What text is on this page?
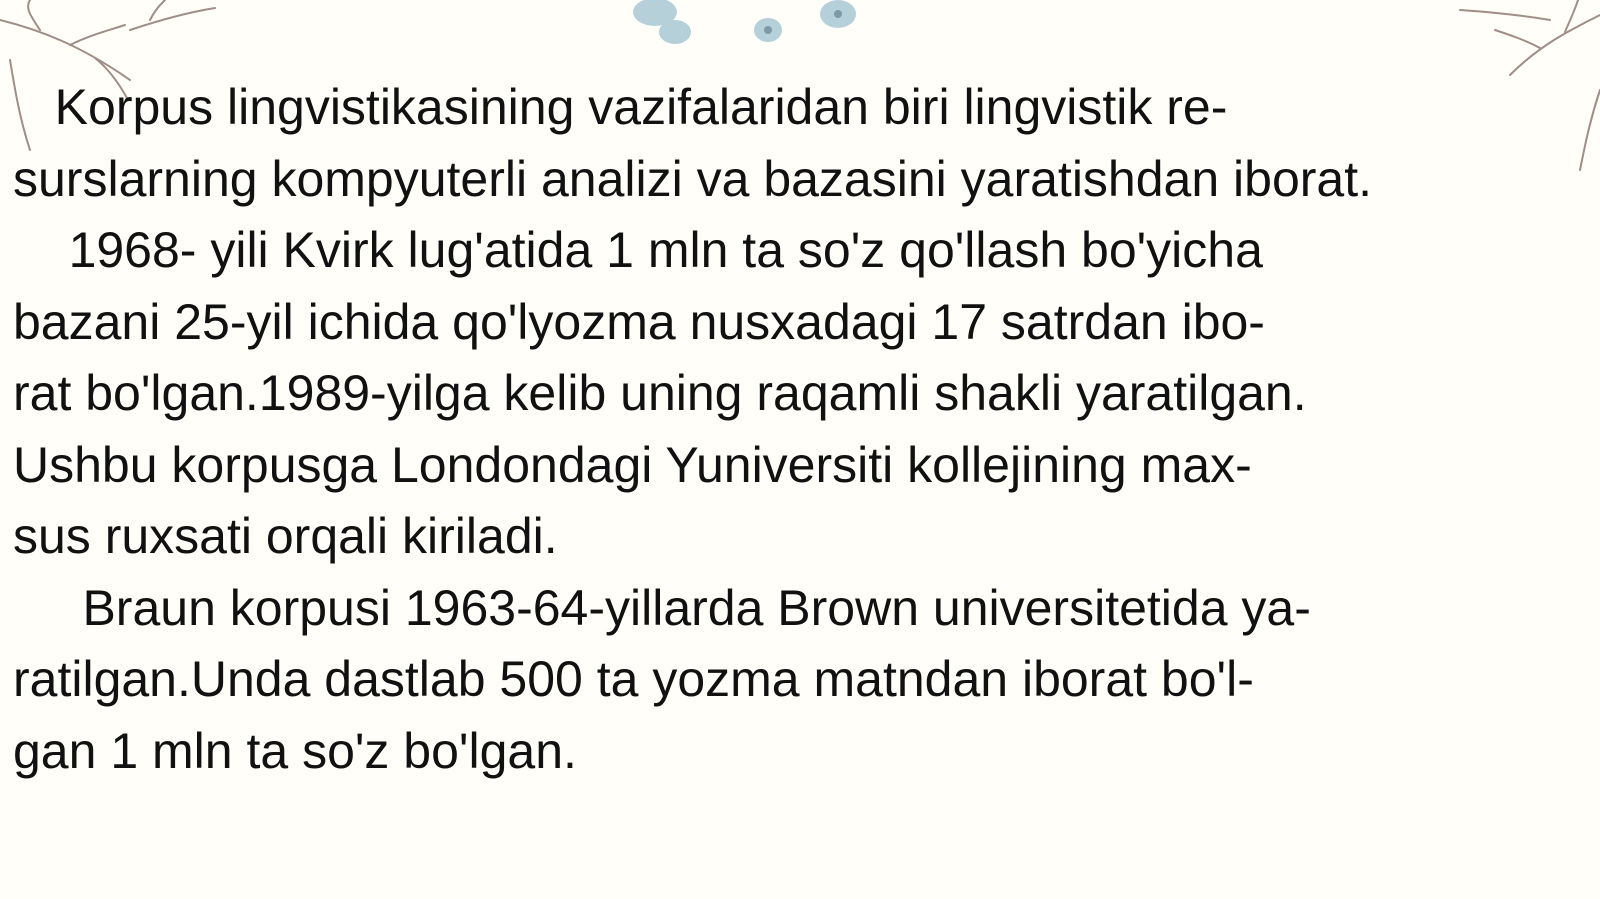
Korpus lingvistikasining vazifalaridan biri lingvistik re-
surslarning kompyuterli analizi va bazasini yaratishdan iborat.
1968- yili Kvirk lug'atida 1 mln ta so'z qo'llash bo'yicha
bazani 25-yil ichida qo'lyozma nusxadagi 17 satrdan ibo-
rat bo'lgan.1989-yilga kelib uning raqamli shakli yaratilgan.
Ushbu korpusga Londondagi Yuniversiti kollejining max-
sus ruxsati orqali kiriladi.
Braun korpusi 1963-64-yillarda Brown universitetida ya-
ratilgan.Unda dastlab 500 ta yozma matndan iborat bo'l-
gan 1 mln ta so'z bo'lgan.
